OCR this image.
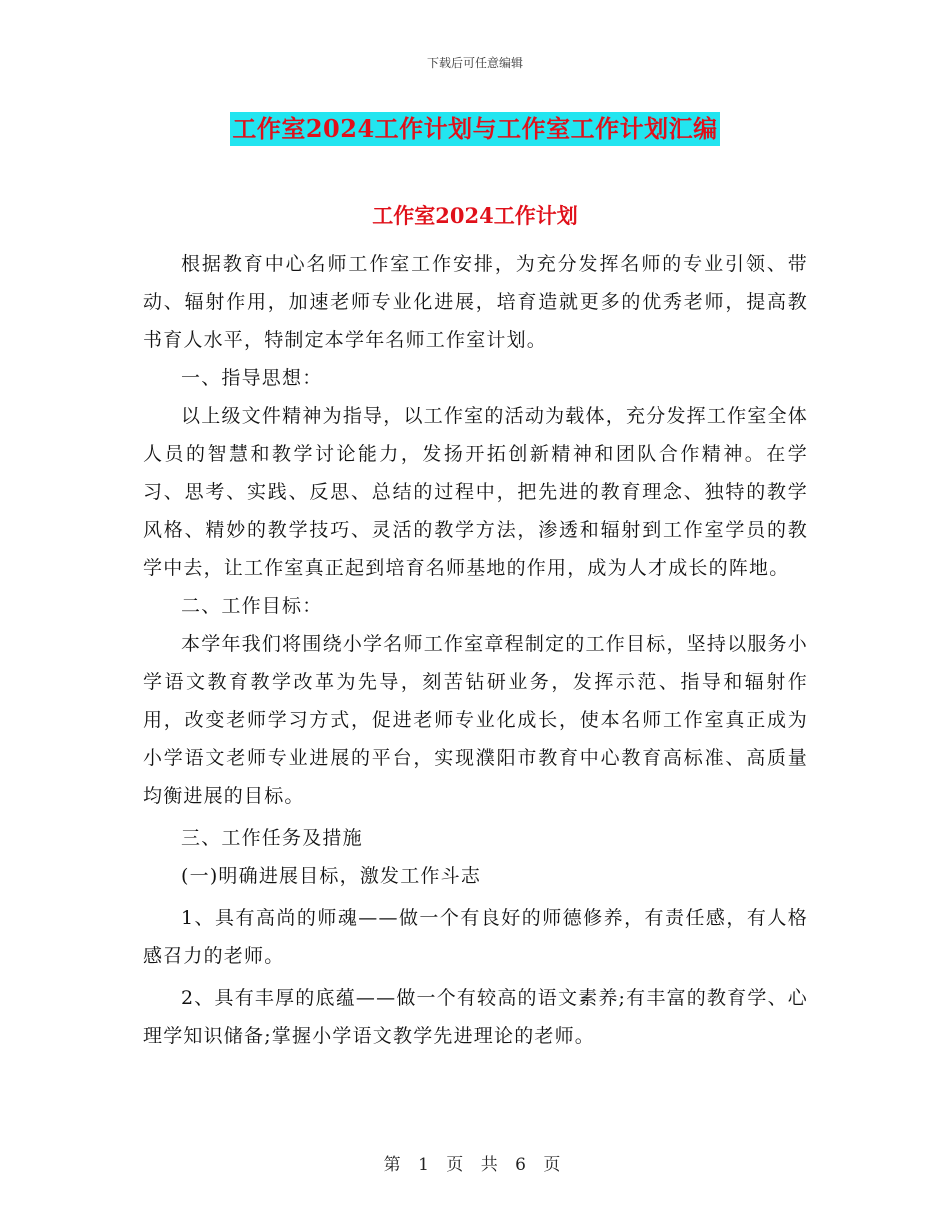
下载后可任意编辑
工作室2024工作计划与工作室工作计划汇编
工作室2024工作计划

根据教育中心名师工作室工作安排，为充分发挥名师的专业引领、带动、辐射作用，加速老师专业化进展，培育造就更多的优秀老师，提高教书育人水平，特制定本学年名师工作室计划。

一、指导思想：

以上级文件精神为指导，以工作室的活动为载体，充分发挥工作室全体人员的智慧和教学讨论能力，发扬开拓创新精神和团队合作精神。在学习、思考、实践、反思、总结的过程中，把先进的教育理念、独特的教学风格、精妙的教学技巧、灵活的教学方法，渗透和辐射到工作室学员的教学中去，让工作室真正起到培育名师基地的作用，成为人才成长的阵地。

二、工作目标：

本学年我们将围绕小学名师工作室章程制定的工作目标，坚持以服务小学语文教育教学改革为先导，刻苦钻研业务，发挥示范、指导和辐射作用，改变老师学习方式，促进老师专业化成长，使本名师工作室真正成为小学语文老师专业进展的平台，实现濮阳市教育中心教育高标准、高质量均衡进展的目标。

三、工作任务及措施

(一)明确进展目标，激发工作斗志

1、具有高尚的师魂——做一个有良好的师德修养，有责任感，有人格感召力的老师。

2、具有丰厚的底蕴——做一个有较高的语文素养;有丰富的教育学、心理学知识储备;掌握小学语文教学先进理论的老师。

第 1 页 共 6 页
